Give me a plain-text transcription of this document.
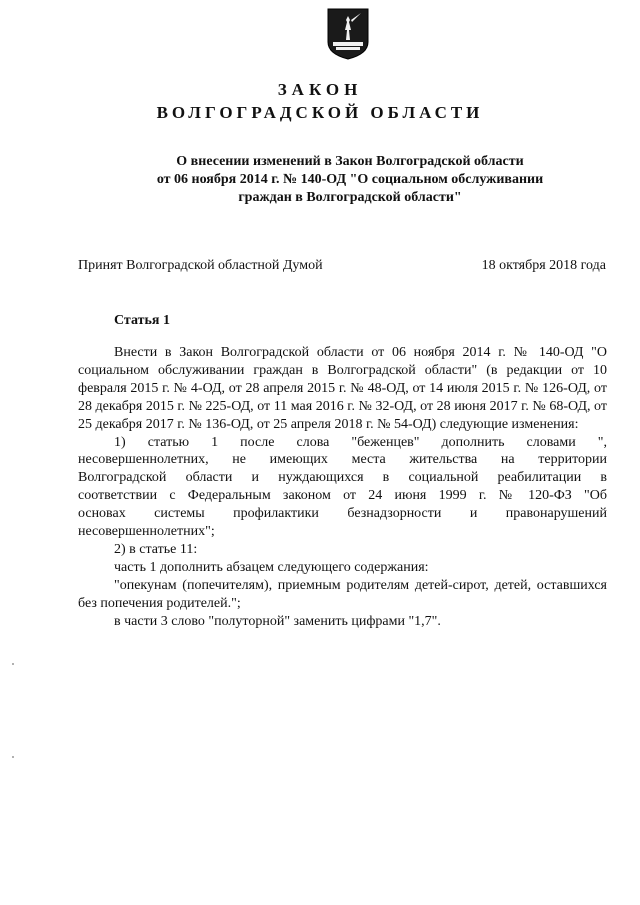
ЗАКОН
ВОЛГОГРАДСКОЙ ОБЛАСТИ
О внесении изменений в Закон Волгоградской области
от 06 ноября 2014 г. № 140-ОД "О социальном обслуживании
граждан в Волгоградской области"
Принят Волгоградской областной Думой	18 октября 2018 года
Статья 1

Внести в Закон Волгоградской области от 06 ноября 2014 г. № 140-ОД "О социальном обслуживании граждан в Волгоградской области" (в редакции от 10 февраля 2015 г. № 4-ОД, от 28 апреля 2015 г. № 48-ОД, от 14 июля 2015 г. № 126-ОД, от 28 декабря 2015 г. № 225-ОД, от 11 мая 2016 г. № 32-ОД, от 28 июня 2017 г. № 68-ОД, от 25 декабря 2017 г. № 136-ОД, от 25 апреля 2018 г. № 54-ОД) следующие изменения:

1) статью 1 после слова "беженцев" дополнить словами ", несовершеннолетних, не имеющих места жительства на территории Волгоградской области и нуждающихся в социальной реабилитации в соответствии с Федеральным законом от 24 июня 1999 г. № 120-ФЗ "Об основах системы профилактики безнадзорности и правонарушений несовершеннолетних";

2) в статье 11:

часть 1 дополнить абзацем следующего содержания:

"опекунам (попечителям), приемным родителям детей-сирот, детей, оставшихся без попечения родителей.";

в части 3 слово "полуторной" заменить цифрами "1,7".
